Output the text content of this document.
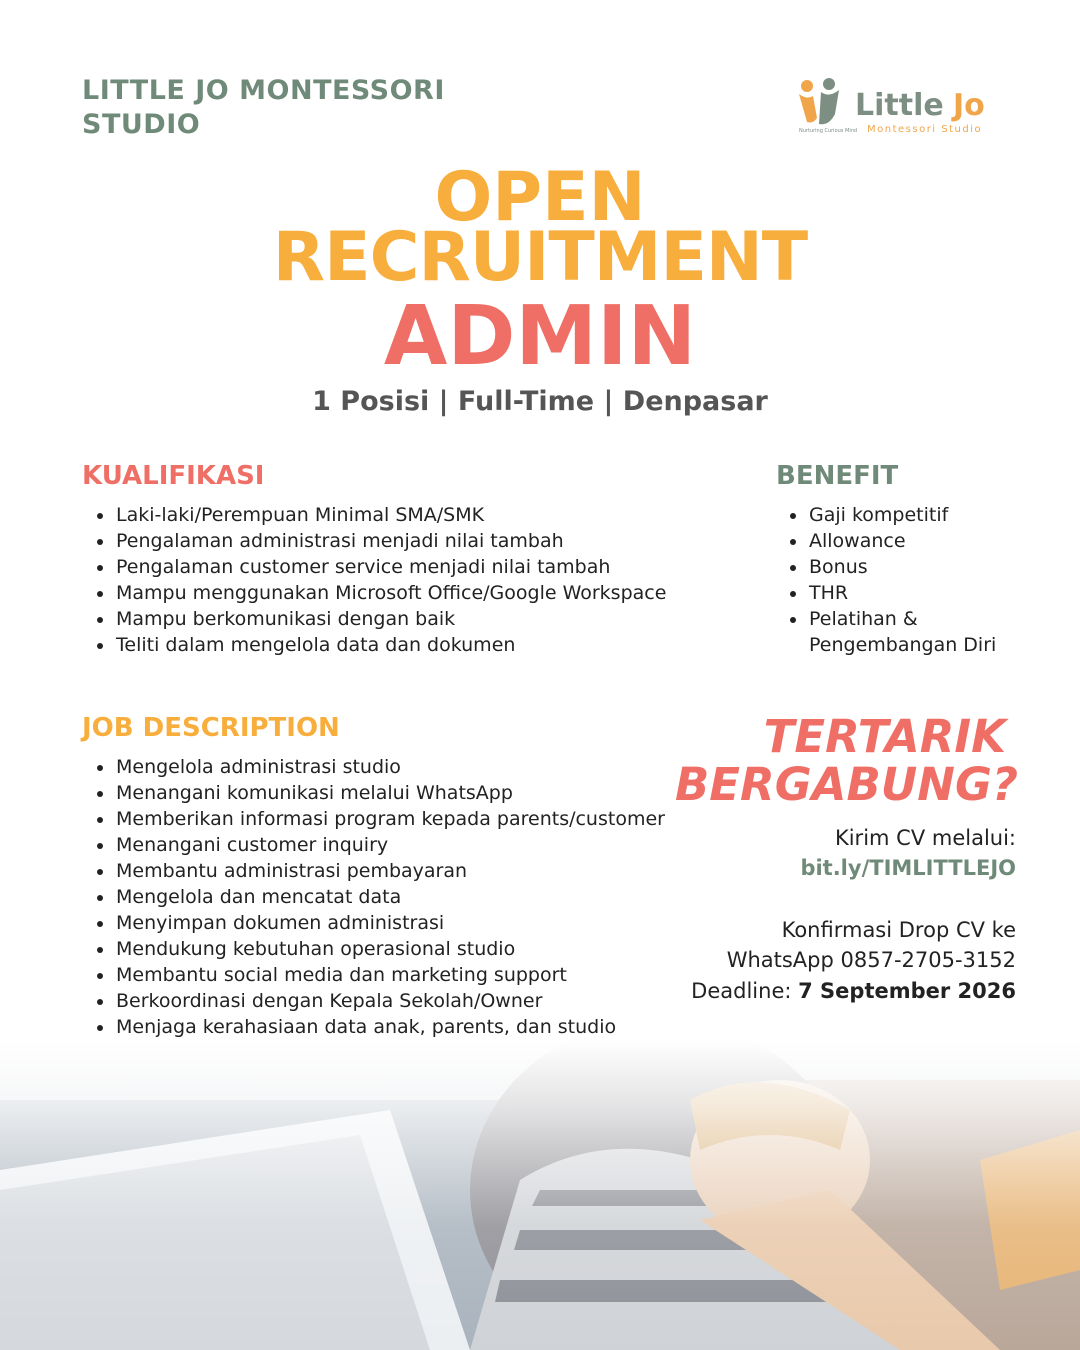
LITTLE JO MONTESSORI
STUDIO
Little Jo
Nurturing Curious Mind Montessori Studio
OPEN
RECRUITMENT
ADMIN
1 Posisi | Full-Time | Denpasar
KUALIFIKASI
Laki-laki/Perempuan Minimal SMA/SMK
Pengalaman administrasi menjadi nilai tambah
Pengalaman customer service menjadi nilai tambah
Mampu menggunakan Microsoft Office/Google Workspace
Mampu berkomunikasi dengan baik
Teliti dalam mengelola data dan dokumen
BENEFIT
Gaji kompetitif
Allowance
Bonus
THR
Pelatihan & Pengembangan Diri
JOB DESCRIPTION
Mengelola administrasi studio
Menangani komunikasi melalui WhatsApp
Memberikan informasi program kepada parents/customer
Menangani customer inquiry
Membantu administrasi pembayaran
Mengelola dan mencatat data
Menyimpan dokumen administrasi
Mendukung kebutuhan operasional studio
Membantu social media dan marketing support
Berkoordinasi dengan Kepala Sekolah/Owner
Menjaga kerahasiaan data anak, parents, dan studio
TERTARIK
BERGABUNG?
Kirim CV melalui:
bit.ly/TIMLITTLEJO
Konfirmasi Drop CV ke
WhatsApp 0857-2705-3152
Deadline: 7 September 2026
